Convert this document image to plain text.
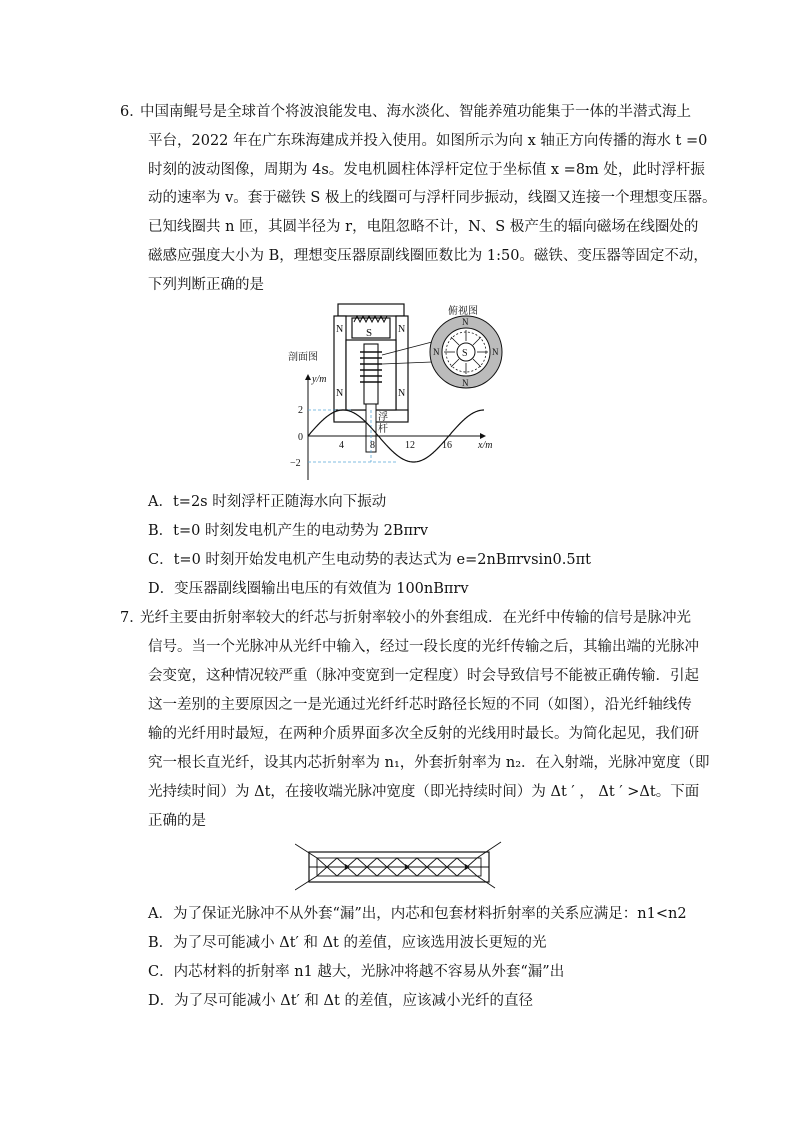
6．
中国南鲲号是全球首个将波浪能发电、海水淡化、智能养殖功能集于一体的半潜式海上
平台，2022 年在广东珠海建成并投入使用。如图所示为向 x 轴正方向传播的海水 t =0
时刻的波动图像，周期为 4s。发电机圆柱体浮杆定位于坐标值 x =8m 处，此时浮杆振
动的速率为 v。套于磁铁 S 极上的线圈可与浮杆同步振动，线圈又连接一个理想变压器。
已知线圈共 n 匝，其圆半径为 r，电阻忽略不计，N、S 极产生的辐向磁场在线圈处的
磁感应强度大小为 B，理想变压器原副线圈匝数比为 1:50。磁铁、变压器等固定不动，
下列判断正确的是
N	N
N	N
S
剖面图
俯视图
N
N
N	N
S
浮
杆
y/m
x/m
2
0
−2
4	8	12	16
A．t=2s 时刻浮杆正随海水向下振动
B．t=0 时刻发电机产生的电动势为 2Bπrv
C．t=0 时刻开始发电机产生电动势的表达式为 e=2nBπrvsin0.5πt
D．变压器副线圈输出电压的有效值为 100nBπrv
7．
光纤主要由折射率较大的纤芯与折射率较小的外套组成．在光纤中传输的信号是脉冲光
信号。当一个光脉冲从光纤中输入，经过一段长度的光纤传输之后，其输出端的光脉冲
会变宽，这种情况较严重（脉冲变宽到一定程度）时会导致信号不能被正确传输．引起
这一差别的主要原因之一是光通过光纤纤芯时路径长短的不同（如图），沿光纤轴线传
输的光纤用时最短，在两种介质界面多次全反射的光线用时最长。为简化起见，我们研
究一根长直光纤，设其内芯折射率为 n₁，外套折射率为 n₂．在入射端，光脉冲宽度（即
光持续时间）为 Δt，在接收端光脉冲宽度（即光持续时间）为 Δt ′ ， Δt ′ >Δt。下面
正确的是
A．为了保证光脉冲不从外套“漏”出，内芯和包套材料折射率的关系应满足：n1<n2
B．为了尽可能减小 Δt′ 和 Δt 的差值，应该选用波长更短的光
C．内芯材料的折射率 n1 越大，光脉冲将越不容易从外套“漏”出
D．为了尽可能减小 Δt′ 和 Δt 的差值，应该减小光纤的直径
